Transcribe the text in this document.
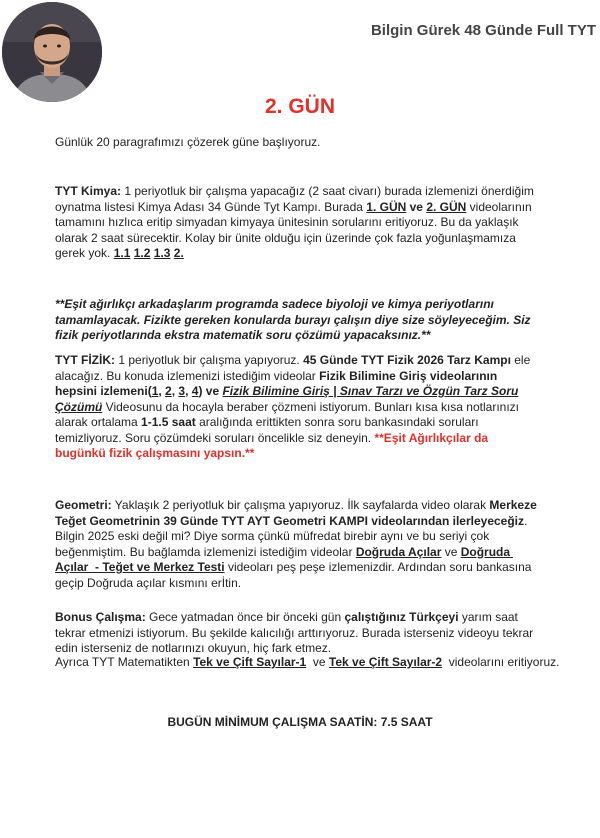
Bilgin Gürek 48 Günde Full TYT
2. GÜN
Günlük 20 paragrafımızı çözerek güne başlıyoruz.
TYT Kimya: 1 periyotluk bir çalışma yapacağız (2 saat civarı) burada izlemenizi önerdiğim oynatma listesi Kimya Adası 34 Günde Tyt Kampı. Burada 1. GÜN ve 2. GÜN videolarının tamamını hızlıca eritip simyadan kimyaya ünitesinin sorularını eritiyoruz. Bu da yaklaşık olarak 2 saat sürecektir. Kolay bir ünite olduğu için üzerinde çok fazla yoğunlaşmamıza gerek yok. 1.1 1.2 1.3 2.
**Eşit ağırlıkçı arkadaşlarım programda sadece biyoloji ve kimya periyotlarını tamamlayacak. Fizikte gereken konulardа burayı çalışın diye size söyleyeceğim. Siz fizik periyotlarında ekstra matematik soru çözümü yapacaksınız.**
TYT FİZİK: 1 periyotluk bir çalışma yapıyoruz. 45 Günde TYT Fizik 2026 Tarz Kampı ele alacağız. Bu konuda izlemenizi istediğim videolar Fizik Bilimine Giriş videolarının hepsini izlemeni(1, 2, 3, 4) ve Fizik Bilimine Giriş | Sınav Tarzı ve Özgün Tarz Soru Çözümü Videosunu da hocayla beraber çözmeni istiyorum. Bunları kısa kısa notlarınızı alarak ortalama 1-1.5 saat aralığında erittikten sonra soru bankasındaki soruları temizliyoruz. Soru çözümdeki soruları öncelikle siz deneyin. **Eşit Ağırlıkçılar da bugünkü fizik çalışmasını yapsın.**
Geometri: Yaklaşık 2 periyotluk bir çalışma yapıyoruz. İlk sayfalarda video olarak Merkeze Teğet Geometrinin 39 Günde TYT AYT Geometri KAMPI videolarından ilerleyeceğiz. Bilgin 2025 eski değil mi? Diye sorma çünkü müfredat birebir aynı ve bu seriyi çok beğenmiştim. Bu bağlamda izlemenizi istediğim videolar Doğruda Açılar ve Doğruda Açılar  - Teğet ve Merkez Testi videoları peş peşe izlemenizdir. Ardından soru bankasına geçip Doğruda açılar kısmını erİtin.
Bonus Çalışma: Gece yatmadan önce bir önceki gün çalıştığınız Türkçeyi yarım saat tekrar etmenizi istiyorum. Bu şekilde kalıcılığı arttırıyoruz. Burada isterseniz videoyu tekrar edin isterseniz de notlarınızı okuyun, hiç fark etmez.
Ayrıca TYT Matematikten Tek ve Çift Sayılar-1  ve Tek ve Çift Sayılar-2  videolarını eritiyoruz.
BUGÜN MİNİMUM ÇALIŞMA SAATİN: 7.5 SAAT
